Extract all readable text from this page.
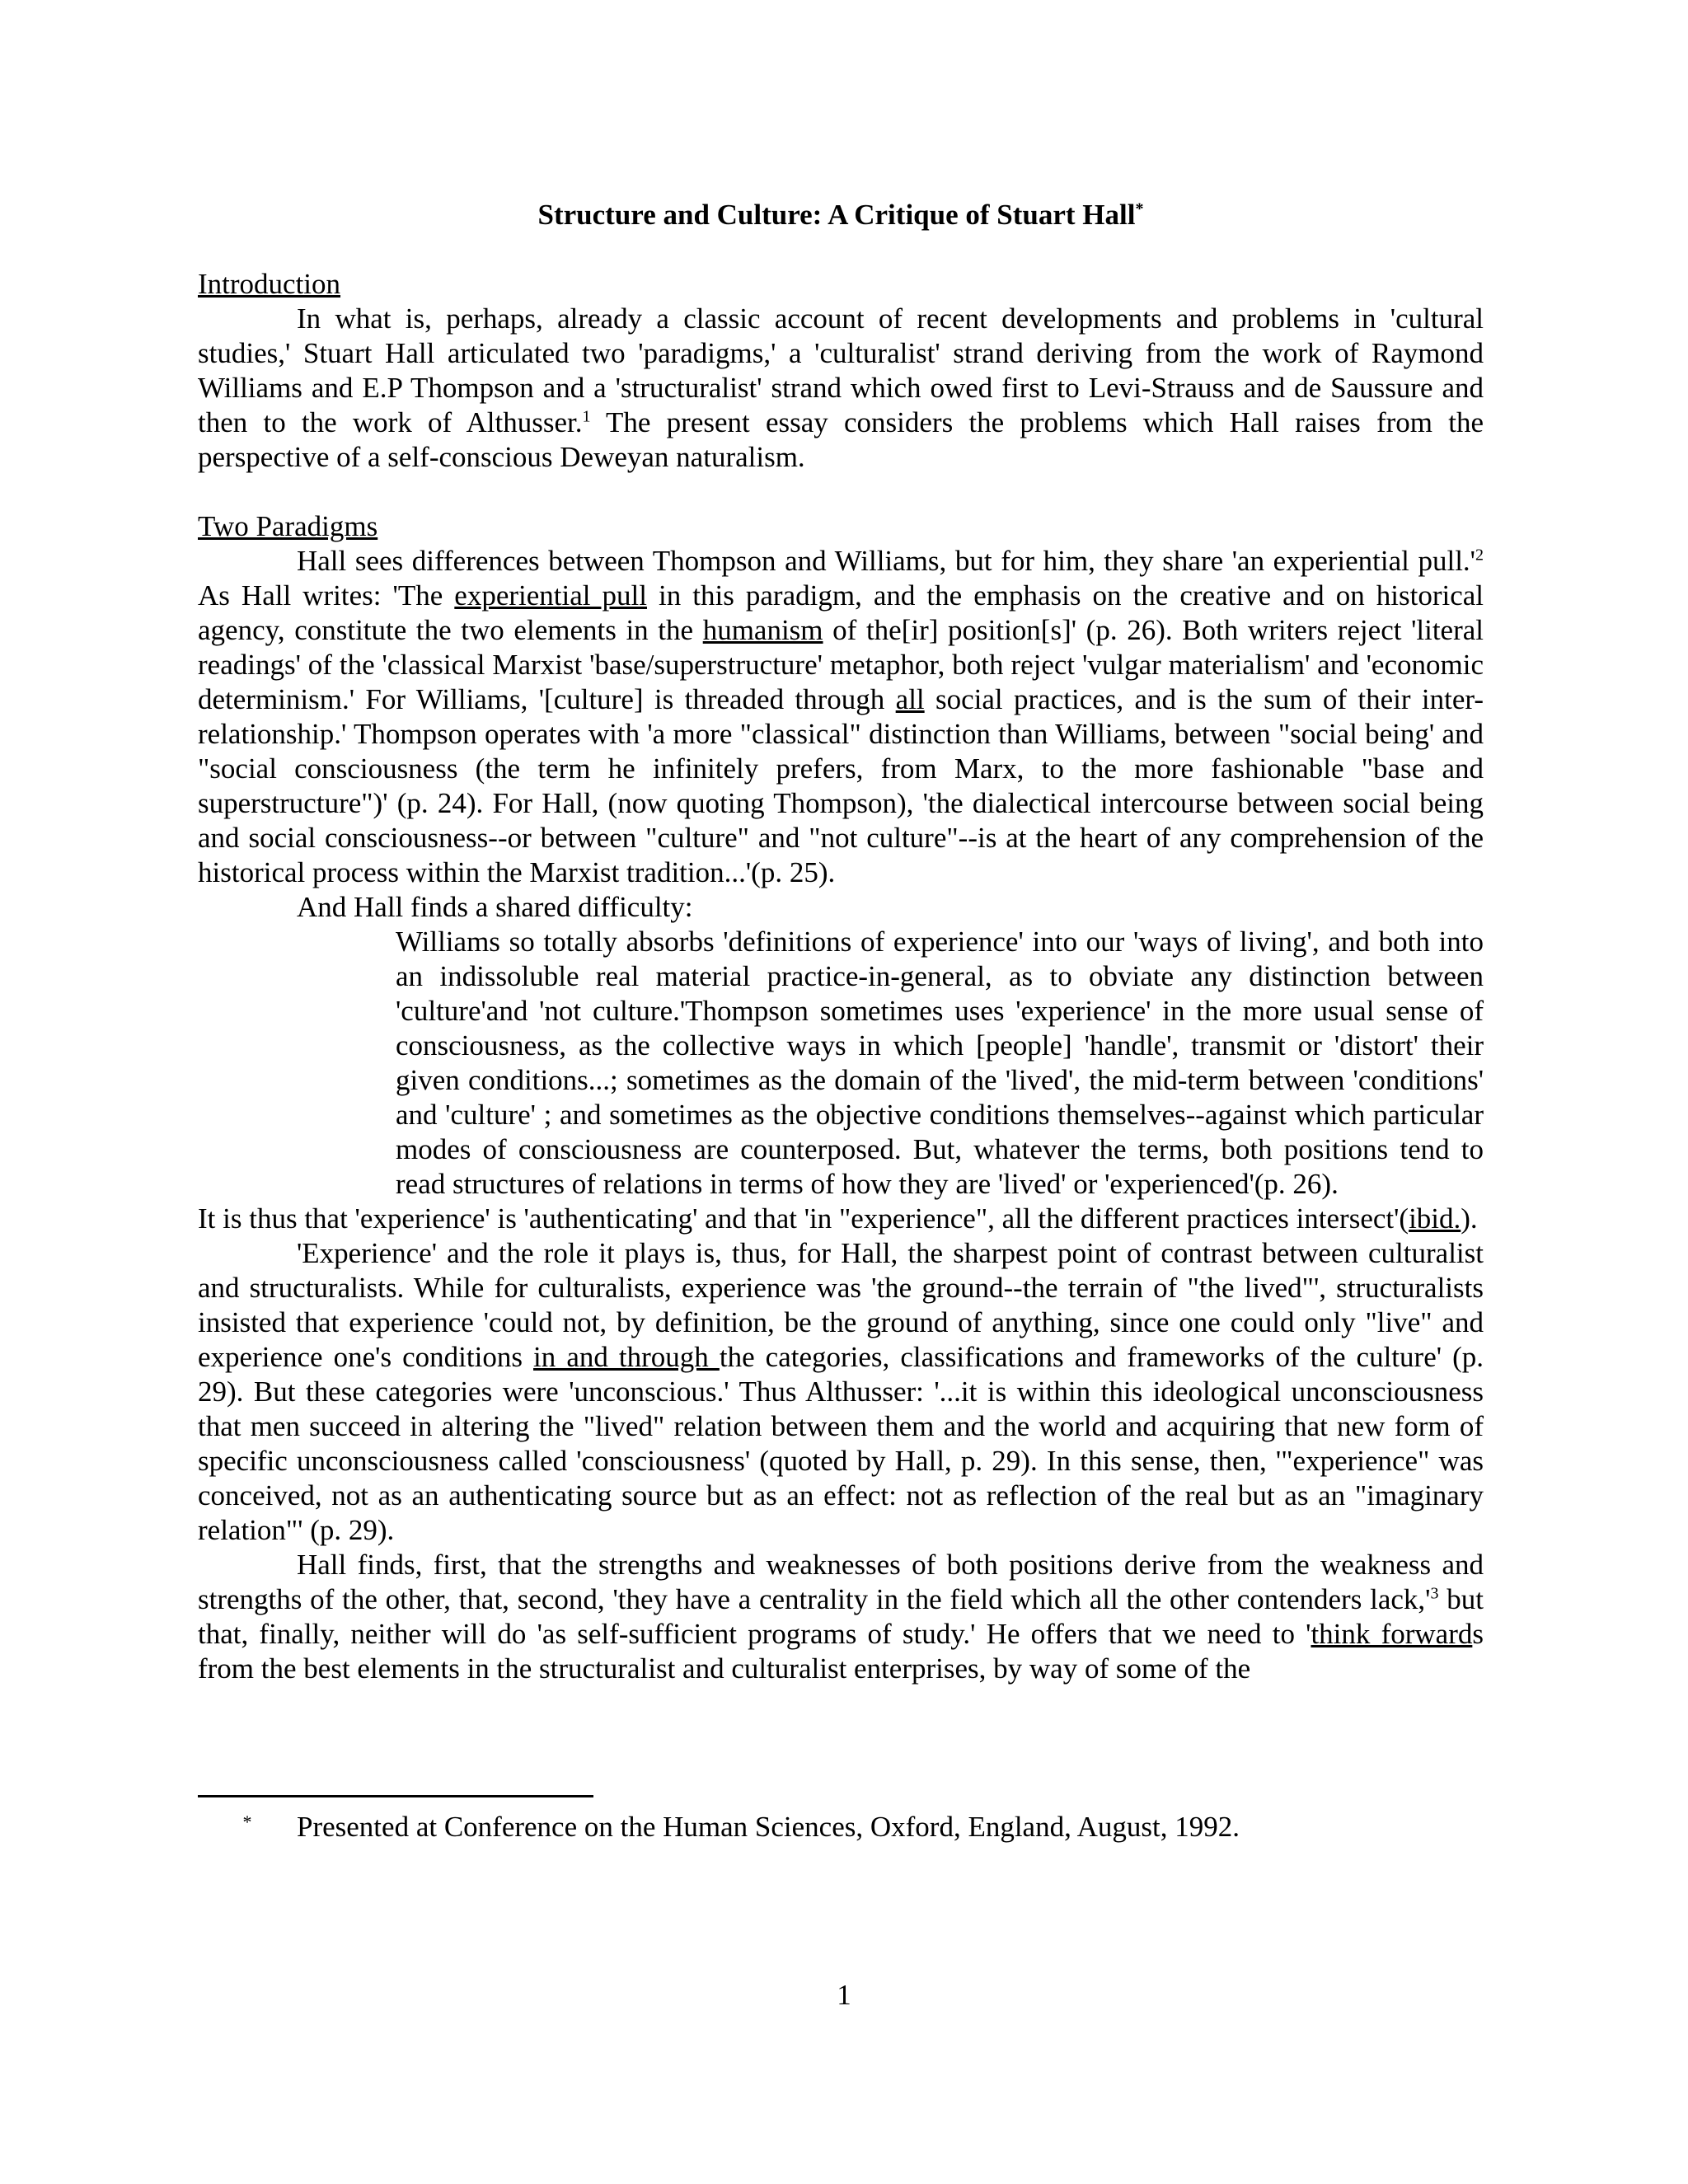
Structure and Culture: A Critique of Stuart Hall*

Introduction

In what is, perhaps, already a classic account of recent developments and problems in 'cultural studies,' Stuart Hall articulated two 'paradigms,' a 'culturalist' strand deriving from the work of Raymond Williams and E.P Thompson and a 'structuralist' strand which owed first to Levi-Strauss and de Saussure and then to the work of Althusser.$^1$ The present essay considers the problems which Hall raises from the perspective of a self-conscious Deweyan naturalism.

Two Paradigms

Hall sees differences between Thompson and Williams, but for him, they share 'an experiential $pull.'^2$ As Hall writes: 'The experiential pull in this paradigm, and the emphasis on the creative and on historical agency, constitute the two elements in the humanism of the[ir] position[s]' (p. 26). Both writers reject 'literal readings' of the 'classical Marxist 'base/superstructure' metaphor, both reject 'vulgar materialism' and 'economic determinism.' For Williams, '[culture] is threaded through all social practices, and is the sum of their inter-relationship.' Thompson operates with 'a more "classical" distinction than Williams, between "social being' and "social consciousness (the term he infinitely prefers, from Marx, to the more fashionable "base and superstructure")' (p. 24). For Hall, (now quoting Thompson), 'the dialectical intercourse between social being and social consciousness--or between "culture" and "not culture"--is at the heart of any comprehension of the historical process within the Marxist tradition...'(p. 25).

And Hall finds a shared difficulty:

Williams so totally absorbs 'definitions of experience' into our 'ways of living', and both into an indissoluble real material practice-in-general, as to obviate any distinction between 'culture'and 'not culture.'Thompson sometimes uses 'experience' in the more usual sense of consciousness, as the collective ways in which [people] 'handle', transmit or 'distort' their given conditions...; sometimes as the domain of the 'lived', the mid-term between 'conditions' and 'culture' ; and sometimes as the objective conditions themselves--against which particular modes of consciousness are counterposed. But, whatever the terms, both positions tend to read structures of relations in terms of how they are 'lived' or 'experienced'(p. 26).

It is thus that 'experience' is 'authenticating' and that 'in "experience", all the different practices intersect'(ibid.).

'Experience' and the role it plays is, thus, for Hall, the sharpest point of contrast between culturalist and structuralists. While for culturalists, experience was 'the ground--the terrain of "the lived"', structuralists insisted that experience 'could not, by definition, be the ground of anything, since one could only "live" and experience one's conditions in and through the categories, classifications and frameworks of the culture' (p. 29). But these categories were 'unconscious.' Thus Althusser: '...it is within this ideological unconsciousness that men succeed in altering the "lived" relation between them and the world and acquiring that new form of specific unconsciousness called 'consciousness' (quoted by Hall, p. 29). In this sense, then, '"experience" was conceived, not as an authenticating source but as an effect: not as reflection of the real but as an "imaginary relation"' (p. 29).

Hall finds, first, that the strengths and weaknesses of both positions derive from the weakness and strengths of the other, that, second, 'they have a centrality in the field which all the other contenders $lack,'^3$ but that, finally, neither will do 'as self-sufficient programs of study.' He offers that we need to 'think forwards from the best elements in the structuralist and culturalist enterprises, by way of some of the

* Presented at Conference on the Human Sciences, Oxford, England, August, 1992.
1
